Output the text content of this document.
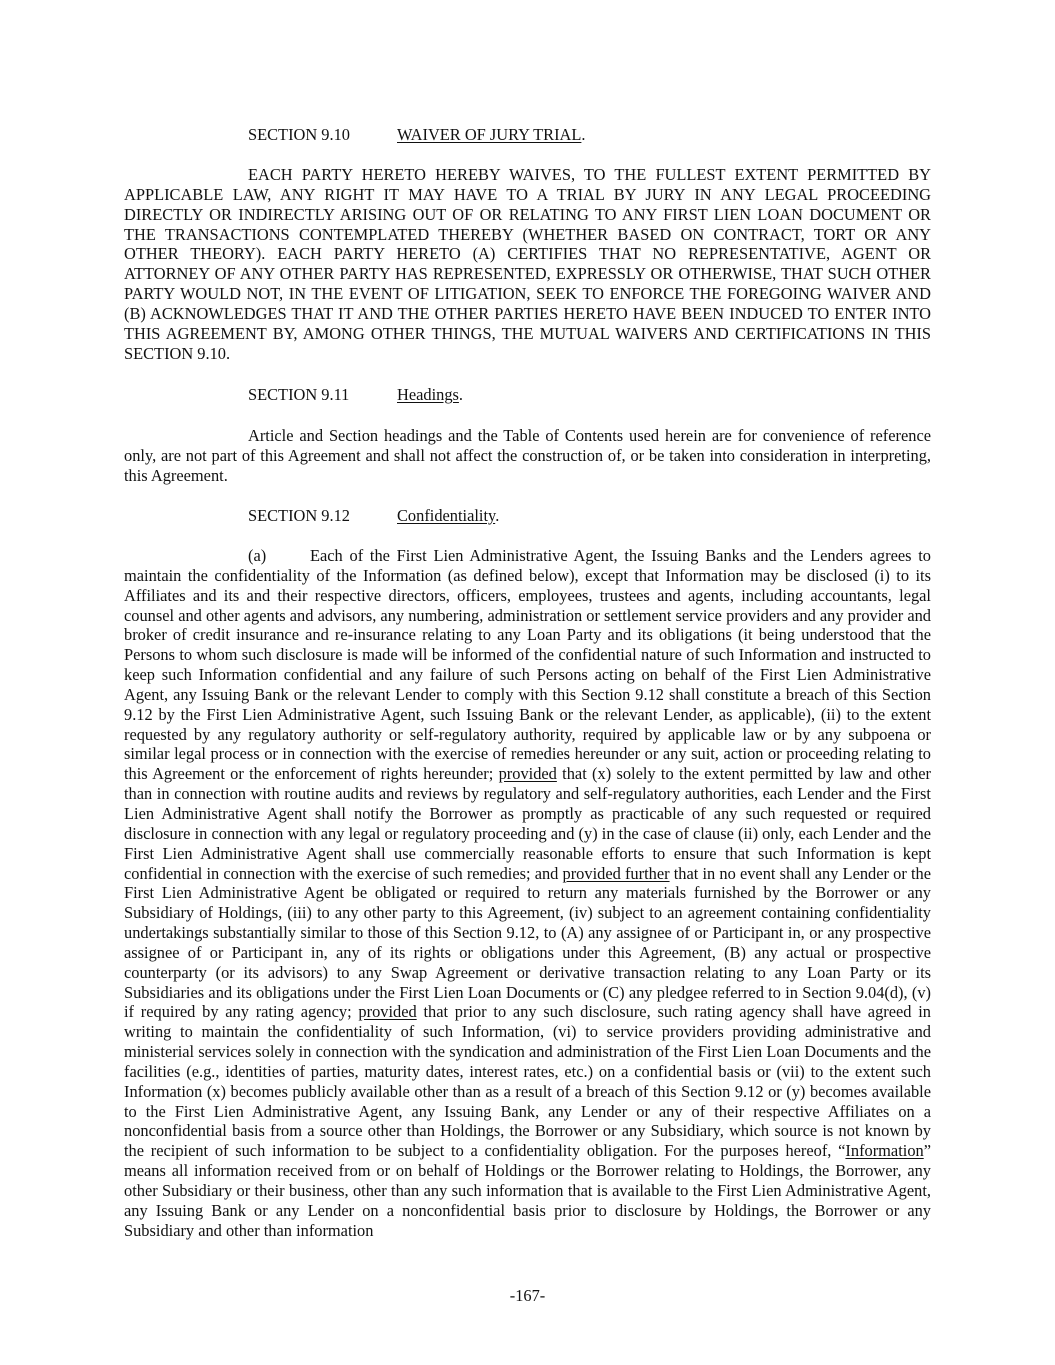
SECTION 9.10	WAIVER OF JURY TRIAL.
EACH PARTY HERETO HEREBY WAIVES, TO THE FULLEST EXTENT PERMITTED BY APPLICABLE LAW, ANY RIGHT IT MAY HAVE TO A TRIAL BY JURY IN ANY LEGAL PROCEEDING DIRECTLY OR INDIRECTLY ARISING OUT OF OR RELATING TO ANY FIRST LIEN LOAN DOCUMENT OR THE TRANSACTIONS CONTEMPLATED THEREBY (WHETHER BASED ON CONTRACT, TORT OR ANY OTHER THEORY). EACH PARTY HERETO (A) CERTIFIES THAT NO REPRESENTATIVE, AGENT OR ATTORNEY OF ANY OTHER PARTY HAS REPRESENTED, EXPRESSLY OR OTHERWISE, THAT SUCH OTHER PARTY WOULD NOT, IN THE EVENT OF LITIGATION, SEEK TO ENFORCE THE FOREGOING WAIVER AND (B) ACKNOWLEDGES THAT IT AND THE OTHER PARTIES HERETO HAVE BEEN INDUCED TO ENTER INTO THIS AGREEMENT BY, AMONG OTHER THINGS, THE MUTUAL WAIVERS AND CERTIFICATIONS IN THIS SECTION 9.10.
SECTION 9.11	Headings.
Article and Section headings and the Table of Contents used herein are for convenience of reference only, are not part of this Agreement and shall not affect the construction of, or be taken into consideration in interpreting, this Agreement.
SECTION 9.12	Confidentiality.
(a)	Each of the First Lien Administrative Agent, the Issuing Banks and the Lenders agrees to maintain the confidentiality of the Information (as defined below), except that Information may be disclosed (i) to its Affiliates and its and their respective directors, officers, employees, trustees and agents, including accountants, legal counsel and other agents and advisors, any numbering, administration or settlement service providers and any provider and broker of credit insurance and re-insurance relating to any Loan Party and its obligations (it being understood that the Persons to whom such disclosure is made will be informed of the confidential nature of such Information and instructed to keep such Information confidential and any failure of such Persons acting on behalf of the First Lien Administrative Agent, any Issuing Bank or the relevant Lender to comply with this Section 9.12 shall constitute a breach of this Section 9.12 by the First Lien Administrative Agent, such Issuing Bank or the relevant Lender, as applicable), (ii) to the extent requested by any regulatory authority or self-regulatory authority, required by applicable law or by any subpoena or similar legal process or in connection with the exercise of remedies hereunder or any suit, action or proceeding relating to this Agreement or the enforcement of rights hereunder; provided that (x) solely to the extent permitted by law and other than in connection with routine audits and reviews by regulatory and self-regulatory authorities, each Lender and the First Lien Administrative Agent shall notify the Borrower as promptly as practicable of any such requested or required disclosure in connection with any legal or regulatory proceeding and (y) in the case of clause (ii) only, each Lender and the First Lien Administrative Agent shall use commercially reasonable efforts to ensure that such Information is kept confidential in connection with the exercise of such remedies; and provided further that in no event shall any Lender or the First Lien Administrative Agent be obligated or required to return any materials furnished by the Borrower or any Subsidiary of Holdings, (iii) to any other party to this Agreement, (iv) subject to an agreement containing confidentiality undertakings substantially similar to those of this Section 9.12, to (A) any assignee of or Participant in, or any prospective assignee of or Participant in, any of its rights or obligations under this Agreement, (B) any actual or prospective counterparty (or its advisors) to any Swap Agreement or derivative transaction relating to any Loan Party or its Subsidiaries and its obligations under the First Lien Loan Documents or (C) any pledgee referred to in Section 9.04(d), (v) if required by any rating agency; provided that prior to any such disclosure, such rating agency shall have agreed in writing to maintain the confidentiality of such Information, (vi) to service providers providing administrative and ministerial services solely in connection with the syndication and administration of the First Lien Loan Documents and the facilities (e.g., identities of parties, maturity dates, interest rates, etc.) on a confidential basis or (vii) to the extent such Information (x) becomes publicly available other than as a result of a breach of this Section 9.12 or (y) becomes available to the First Lien Administrative Agent, any Issuing Bank, any Lender or any of their respective Affiliates on a nonconfidential basis from a source other than Holdings, the Borrower or any Subsidiary, which source is not known by the recipient of such information to be subject to a confidentiality obligation. For the purposes hereof, “Information” means all information received from or on behalf of Holdings or the Borrower relating to Holdings, the Borrower, any other Subsidiary or their business, other than any such information that is available to the First Lien Administrative Agent, any Issuing Bank or any Lender on a nonconfidential basis prior to disclosure by Holdings, the Borrower or any Subsidiary and other than information
-167-
